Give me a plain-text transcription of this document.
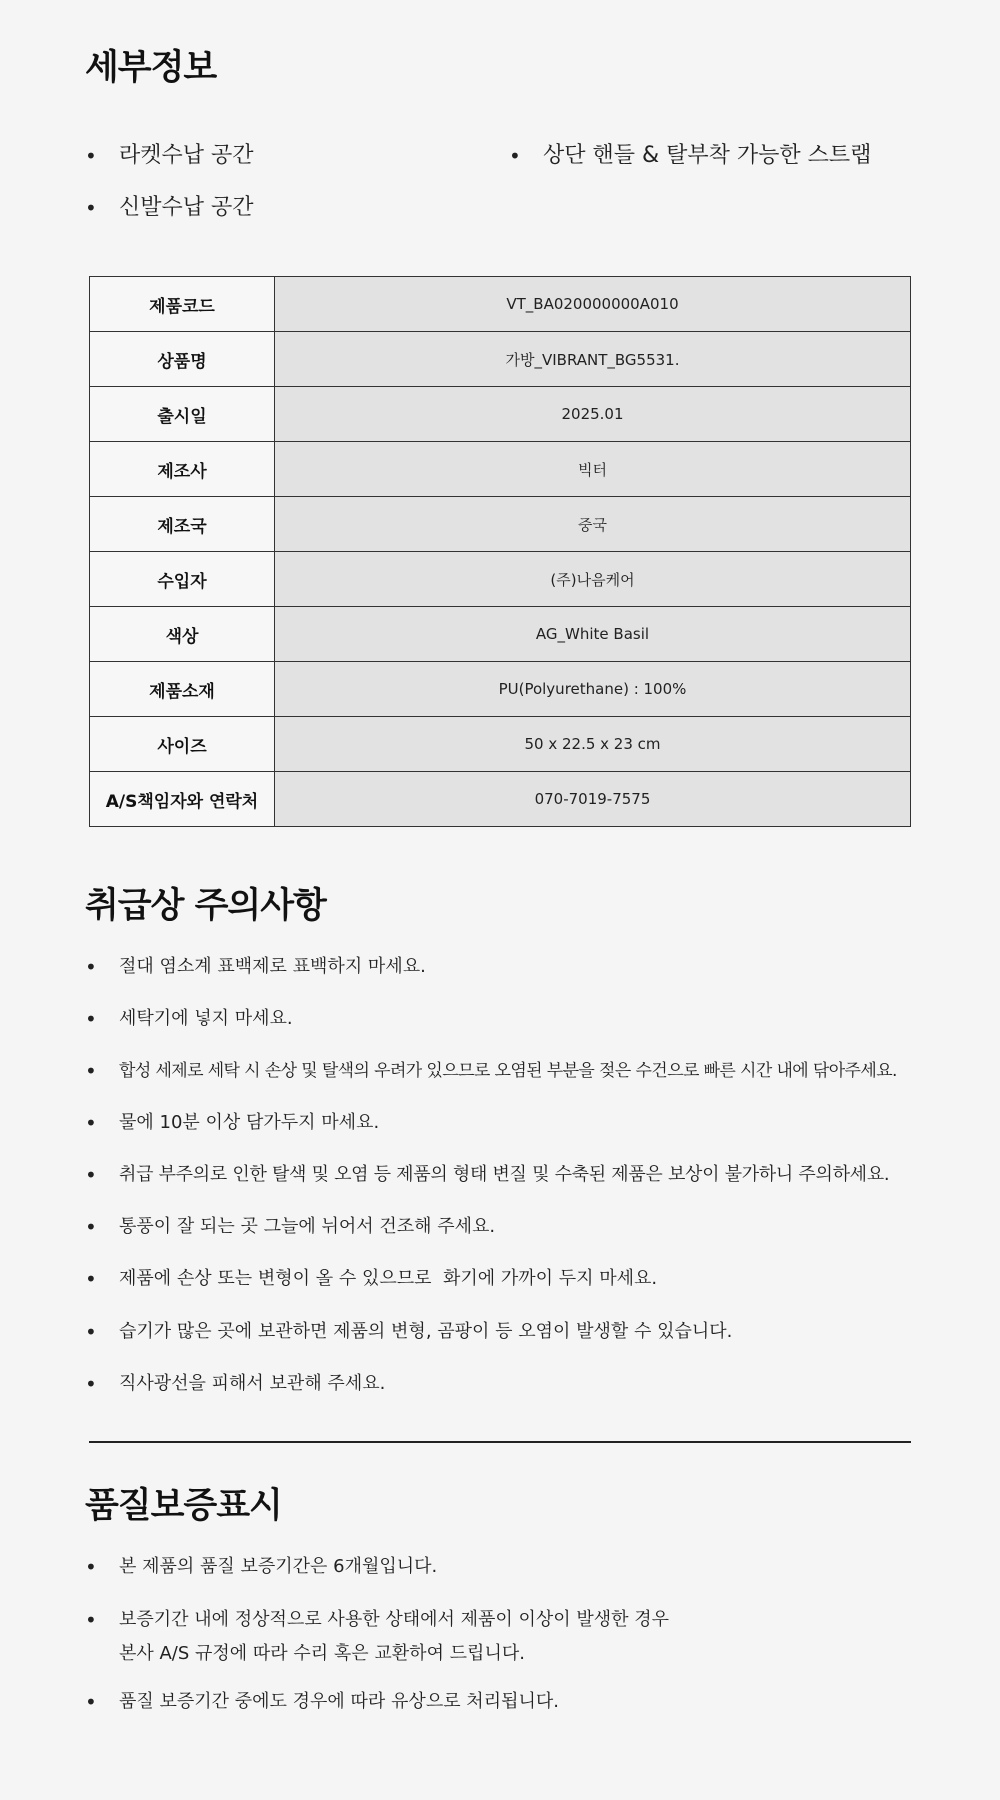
세부정보
•	라켓수납 공간	•	상단 핸들 & 탈부착 가능한 스트랩
•	신발수납 공간
제품코드	VT_BA020000000A010
상품명	가방_VIBRANT_BG5531.
출시일	2025.01
제조사	빅터
제조국	중국
수입자	(주)나음케어
색상	AG_White Basil
제품소재	PU(Polyurethane) : 100%
사이즈	50 x 22.5 x 23 cm
A/S책임자와 연락처	070-7019-7575
취급상 주의사항
•	절대 염소계 표백제로 표백하지 마세요.
•	세탁기에 넣지 마세요.
•	합성 세제로 세탁 시 손상 및 탈색의 우려가 있으므로 오염된 부분을 젖은 수건으로 빠른 시간 내에 닦아주세요.
•	물에 10분 이상 담가두지 마세요.
•	취급 부주의로 인한 탈색 및 오염 등 제품의 형태 변질 및 수축된 제품은 보상이 불가하니 주의하세요.
•	통풍이 잘 되는 곳 그늘에 뉘어서 건조해 주세요.
•	제품에 손상 또는 변형이 올 수 있으므로  화기에 가까이 두지 마세요.
•	습기가 많은 곳에 보관하면 제품의 변형, 곰팡이 등 오염이 발생할 수 있습니다.
•	직사광선을 피해서 보관해 주세요.
품질보증표시
•	본 제품의 품질 보증기간은 6개월입니다.
•	보증기간 내에 정상적으로 사용한 상태에서 제품이 이상이 발생한 경우
본사 A/S 규정에 따라 수리 혹은 교환하여 드립니다.
•	품질 보증기간 중에도 경우에 따라 유상으로 처리됩니다.
